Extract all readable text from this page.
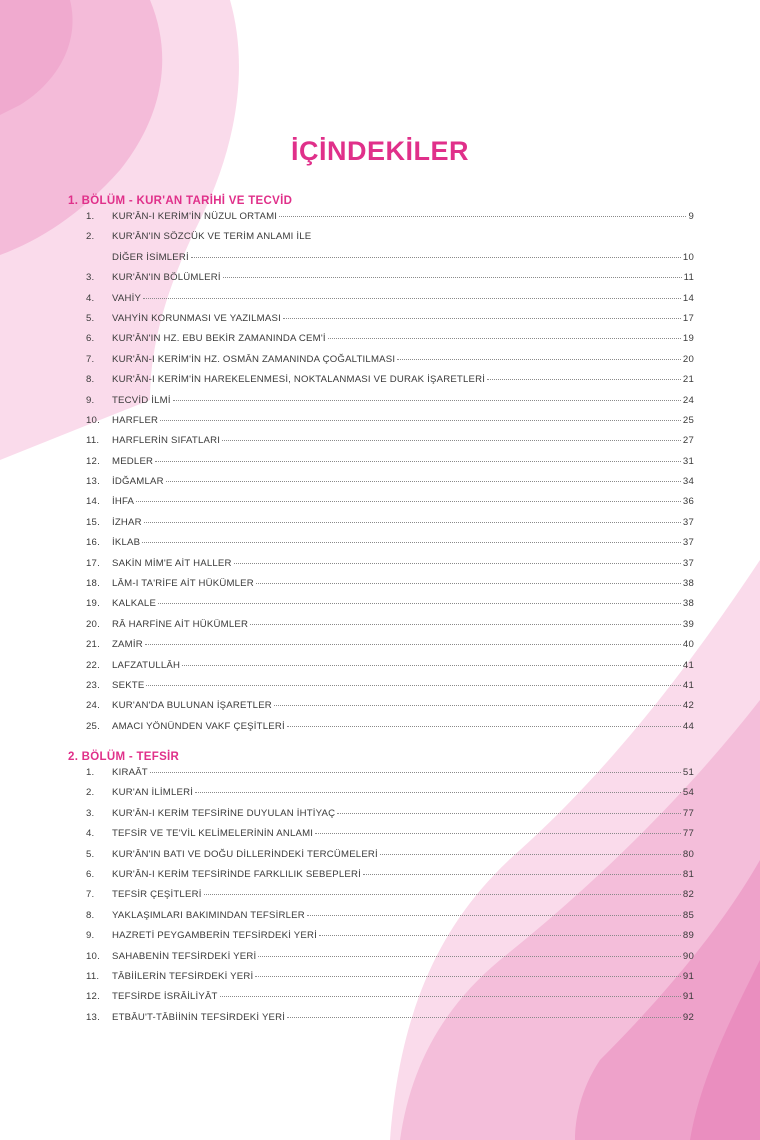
İÇİNDEKİLER
1. BÖLÜM - KUR'AN TARİHİ VE TECVİD
1.	KUR'ÂN-I KERİM'İN NÜZUL ORTAMI	9
2.	KUR'ÂN'IN SÖZCÜK VE TERİM ANLAMI İLE
DİĞER İSİMLERİ	10
3.	KUR'ÂN'IN BÖLÜMLERİ	11
4.	VAHİY	14
5.	VAHYİN KORUNMASI VE YAZILMASI	17
6.	KUR'ÂN'IN HZ. EBU BEKİR ZAMANINDA CEM'İ	19
7.	KUR'ÂN-I KERİM'İN HZ. OSMÂN ZAMANINDA ÇOĞALTILMASI	20
8.	KUR'ÂN-I KERİM'İN HAREKELENMESİ, NOKTALANMASI VE DURAK İŞARETLERİ	21
9.	TECVİD İLMİ	24
10.	HARFLER	25
11.	HARFLERİN SIFATLARI	27
12.	MEDLER	31
13.	İDĞAMLAR	34
14.	İHFA	36
15.	İZHAR	37
16.	İKLAB	37
17.	SAKİN MİM'E AİT HALLER	37
18.	LÂM-I TA'RİFE AİT HÜKÜMLER	38
19.	KALKALE	38
20.	RÂ HARFİNE AİT HÜKÜMLER	39
21.	ZAMİR	40
22.	LAFZATULLÂH	41
23.	SEKTE	41
24.	KUR'AN'DA BULUNAN İŞARETLER	42
25.	AMACI YÖNÜNDEN VAKF ÇEŞİTLERİ	44
2. BÖLÜM - TEFSİR
1.	KIRAÂT	51
2.	KUR'AN İLİMLERİ	54
3.	KUR'ÂN-I KERİM TEFSİRİNE DUYULAN İHTİYAÇ	77
4.	TEFSİR VE TE'VİL KELİMELERİNİN ANLAMI	77
5.	KUR'ÂN'IN BATI VE DOĞU DİLLERİNDEKİ TERCÜMELERİ	80
6.	KUR'ÂN-I KERİM TEFSİRİNDE FARKLILIK SEBEPLERİ	81
7.	TEFSİR ÇEŞİTLERİ	82
8.	YAKLAŞIMLARI BAKIMINDAN TEFSİRLER	85
9.	HAZRETİ PEYGAMBERİN TEFSİRDEKİ YERİ	89
10.	SAHABENİN TEFSİRDEKİ YERİ	90
11.	TÂBİİLERİN TEFSİRDEKİ YERİ	91
12.	TEFSİRDE İSRÂİLİYÂT	91
13.	ETBÂU'T-TÂBİİNİN TEFSİRDEKİ YERİ	92
